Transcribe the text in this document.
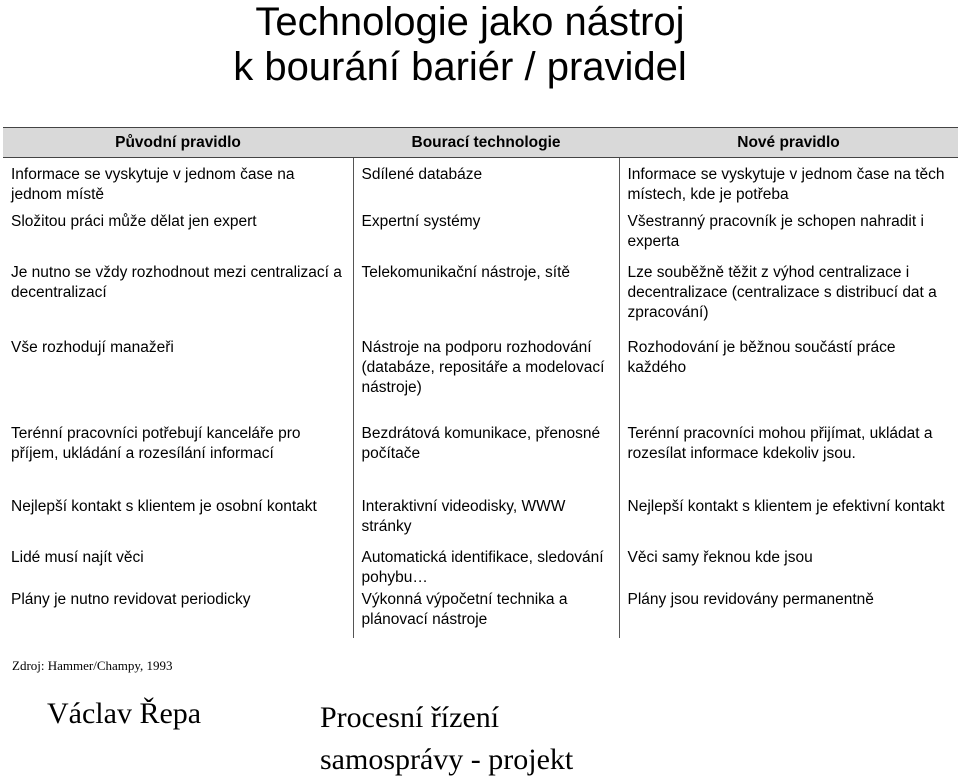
Technologie jako nástroj
k bourání bariér / pravidel
Původní pravidlo	Bourací technologie	Nové pravidlo
Informace se vyskytuje v jednom čase na jednom místě	Sdílené databáze	Informace se vyskytuje v jednom čase na těch místech, kde je potřeba
Složitou práci může dělat jen expert	Expertní systémy	Všestranný pracovník je schopen nahradit i experta
Je nutno se vždy rozhodnout mezi centralizací a decentralizací	Telekomunikační nástroje, sítě	Lze souběžně těžit z výhod centralizace i decentralizace (centralizace s distribucí dat a zpracování)
Vše rozhodují manažeři	Nástroje na podporu rozhodování (databáze, repositáře a modelovací nástroje)	Rozhodování je běžnou součástí práce každého
Terénní pracovníci potřebují kanceláře pro příjem, ukládání a rozesílání informací	Bezdrátová komunikace, přenosné počítače	Terénní pracovníci mohou přijímat, ukládat a rozesílat informace kdekoliv jsou.
Nejlepší kontakt s klientem je osobní kontakt	Interaktivní videodisky, WWW stránky	Nejlepší kontakt s klientem je efektivní kontakt
Lidé musí najít věci	Automatická identifikace, sledování pohybu…	Věci samy řeknou kde jsou
Plány je nutno revidovat periodicky	Výkonná výpočetní technika a plánovací nástroje	Plány jsou revidovány permanentně
Zdroj: Hammer/Champy, 1993
Václav Řepa	Procesní řízení samosprávy - projekt
